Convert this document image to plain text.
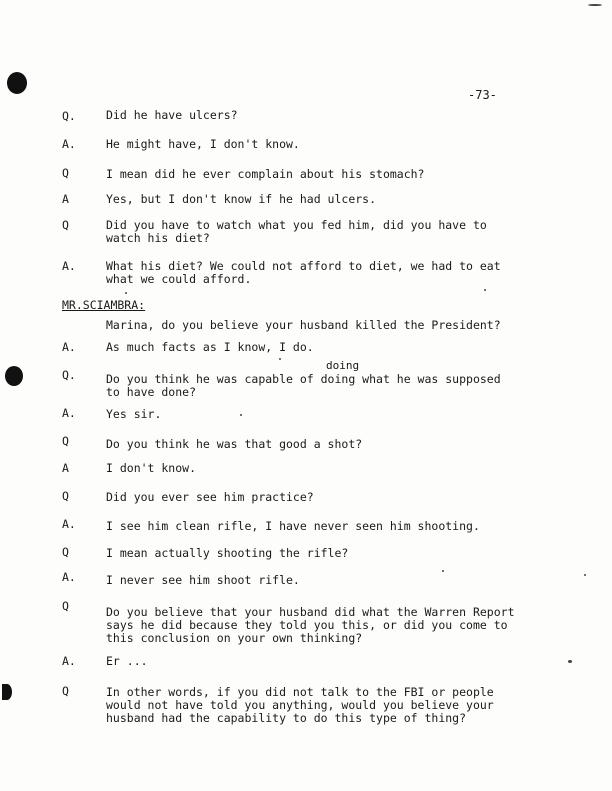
-73-
Q.	Did he have ulcers?
A.	He might have, I don't know.
Q	I mean did he ever complain about his stomach?
A	Yes, but I don't know if he had ulcers.
Q	Did you have to watch what you fed him, did you have to
watch his diet?
A.	What his diet? We could not afford to diet, we had to eat
what we could afford.
MR.SCIAMBRA:
Marina, do you believe your husband killed the President?
A.	As much facts as I know, I do.
doing
Q.	Do you think he was capable of doing what he was supposed
to have done?
A.	Yes sir.
Q	Do you think he was that good a shot?
A	I don't know.
Q	Did you ever see him practice?
A.	I see him clean rifle, I have never seen him shooting.
Q	I mean actually shooting the rifle?
A.	I never see him shoot rifle.
Q	Do you believe that your husband did what the Warren Report
says he did because they told you this, or did you come to
this conclusion on your own thinking?
A.	Er ...
Q	In other words, if you did not talk to the FBI or people
would not have told you anything, would you believe your
husband had the capability to do this type of thing?
